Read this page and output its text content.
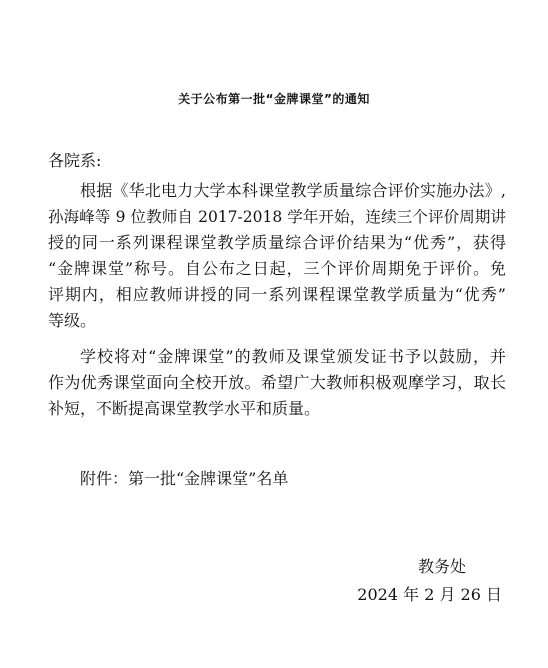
关于公布第一批“金牌课堂”的通知
各院系:
根据《华北电力大学本科课堂教学质量综合评价实施办法》,
孙海峰等 9 位教师自 2017-2018 学年开始，连续三个评价周期讲
授的同一系列课程课堂教学质量综合评价结果为“优秀”，获得
“金牌课堂”称号。自公布之日起，三个评价周期免于评价。免
评期内，相应教师讲授的同一系列课程课堂教学质量为“优秀”
等级。
学校将对“金牌课堂”的教师及课堂颁发证书予以鼓励，并
作为优秀课堂面向全校开放。希望广大教师积极观摩学习，取长
补短，不断提高课堂教学水平和质量。
附件：第一批“金牌课堂”名单
教务处
2024 年 2 月 26 日
